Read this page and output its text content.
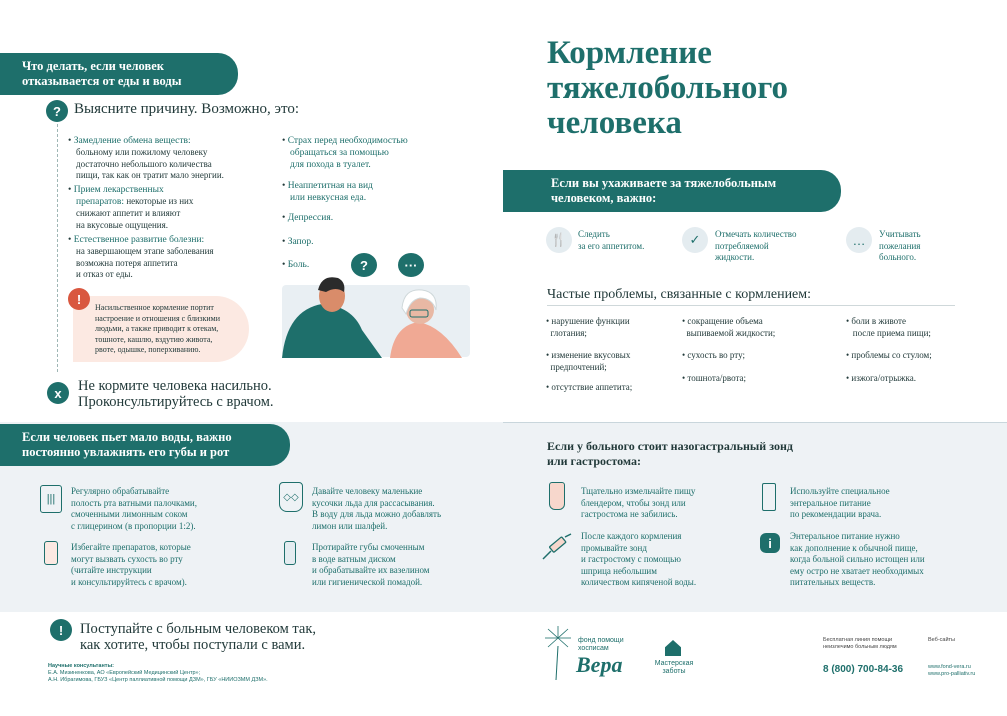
Что делать, если человек
отказывается от еды и воды
? Выясните причину. Возможно, это:
• Замедление обмена веществ:
больному или пожилому человеку
достаточно небольшого количества
пищи, так как он тратит мало энергии.
• Прием лекарственных
препаратов: некоторые из них
снижают аппетит и влияют
на вкусовые ощущения.
• Естественное развитие болезни:
на завершающем этапе заболевания
возможна потеря аппетита
и отказ от еды.
• Страх перед необходимостью
обращаться за помощью
для похода в туалет.
• Неаппетитная на вид
или невкусная еда.
• Депрессия.
• Запор.
• Боль.	?	···
!
Насильственное кормление портит
настроение и отношения с близкими
людьми, а также приводит к отекам,
тошноте, кашлю, вздутию живота,
рвоте, одышке, поперхиванию.
x	Не кормите человека насильно.
Проконсультируйтесь с врачом.
Кормление
тяжелобольного
человека
Если вы ухаживаете за тяжелобольным
человеком, важно:
🍴	Следить
за его аппетитом.	✓	Отмечать количество
потребляемой
жидкости.
…	Учитывать
пожелания
больного.
Частые проблемы, связанные с кормлением:
• нарушение функции
глотания;
• изменение вкусовых
предпочтений;
• отсутствие аппетита;
• сокращение объема
выпиваемой жидкости;
• сухость во рту;
• тошнота/рвота;
• боли в животе
после приема пищи;
• проблемы со стулом;
• изжога/отрыжка.
Если человек пьет мало воды, важно
постоянно увлажнять его губы и рот
|||
Регулярно обрабатывайте
полость рта ватными палочками,
смоченными лимонным соком
с глицерином (в пропорции 1:2).
◇◇
Давайте человеку маленькие
кусочки льда для рассасывания.
В воду для льда можно добавлять
лимон или шалфей.
Избегайте препаратов, которые
могут вызвать сухость во рту
(читайте инструкции
и консультируйтесь с врачом).
Протирайте губы смоченным
в воде ватным диском
и обрабатывайте их вазелином
или гигиенической помадой.
Если у больного стоит назогастральный зонд
или гастростома:
Тщательно измельчайте пищу
блендером, чтобы зонд или
гастростома не забились.
Используйте специальное
энтеральное питание
по рекомендации врача.
После каждого кормления
промывайте зонд
и гастростому с помощью
шприца небольшим
количеством кипяченой воды.
i	Энтеральное питание нужно
как дополнение к обычной пище,
когда больной сильно истощен или
ему остро не хватает необходимых
питательных веществ.
!	Поступайте с больным человеком так,
как хотите, чтобы поступали с вами.
Научные консультанты:
Е.А. Мизиненкова, АО «Европейский Медицинский Центр»;
А.Н. Ибрагимова, ГБУЗ «Центр паллиативной помощи ДЗМ», ГБУ «НИИОЗММ ДЗМ».
фонд помощи
хосписам
Вера	Мастерская
заботы
Бесплатная линия помощи
неизлечимо больным людям
8 (800) 700-84-36
Веб-сайты
www.fond-vera.ru
www.pro-palliativ.ru
